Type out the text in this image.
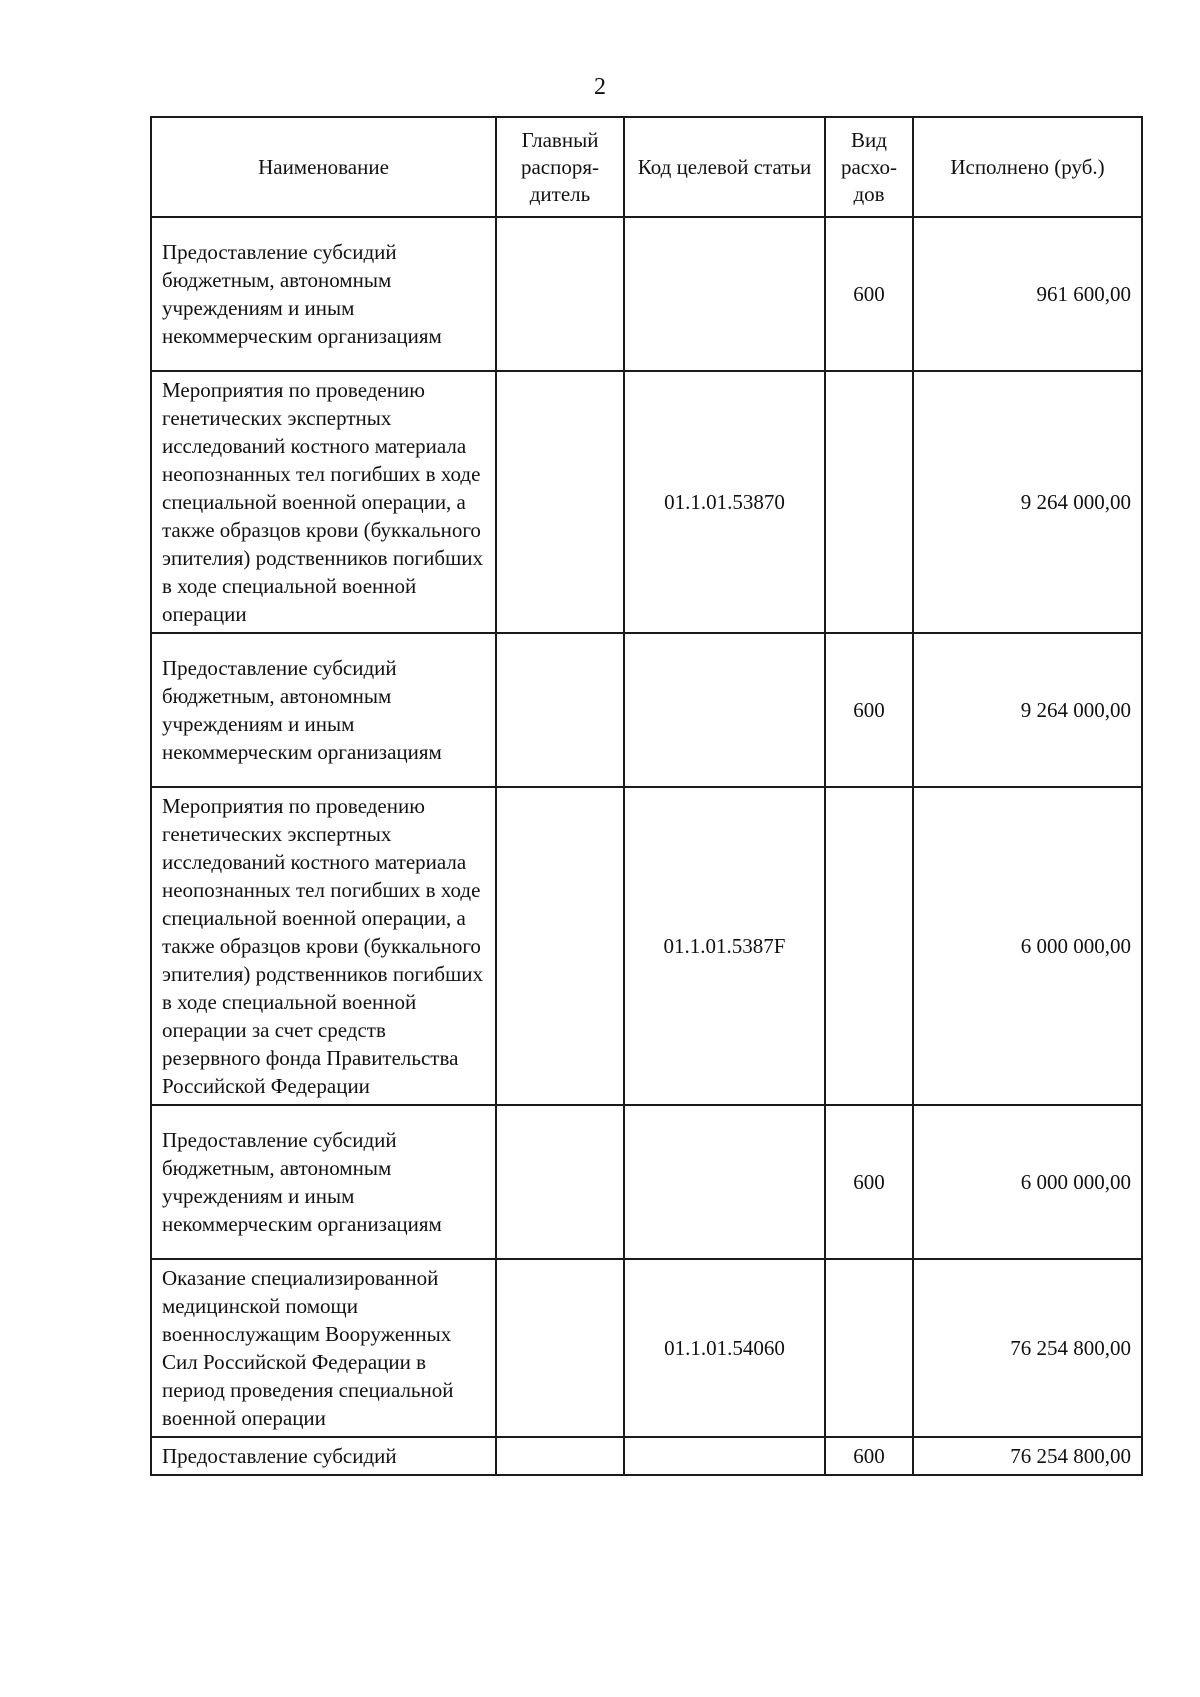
2
Наименование	Главный распоря-дитель	Код целевой статьи	Вид расхо-дов	Исполнено (руб.)
Предоставление субсидий бюджетным, автономным учреждениям и иным некоммерческим организациям			600	961 600,00
Мероприятия по проведению генетических экспертных исследований костного материала неопознанных тел погибших в ходе специальной военной операции, а также образцов крови (буккального эпителия) родственников погибших в ходе специальной военной операции		01.1.01.53870		9 264 000,00
Предоставление субсидий бюджетным, автономным учреждениям и иным некоммерческим организациям			600	9 264 000,00
Мероприятия по проведению генетических экспертных исследований костного материала неопознанных тел погибших в ходе специальной военной операции, а также образцов крови (буккального эпителия) родственников погибших в ходе специальной военной операции за счет средств резервного фонда Правительства Российской Федерации		01.1.01.5387F		6 000 000,00
Предоставление субсидий бюджетным, автономным учреждениям и иным некоммерческим организациям			600	6 000 000,00
Оказание специализированной медицинской помощи военнослужащим Вооруженных Сил Российской Федерации в период проведения специальной военной операции		01.1.01.54060		76 254 800,00
Предоставление субсидий			600	76 254 800,00
